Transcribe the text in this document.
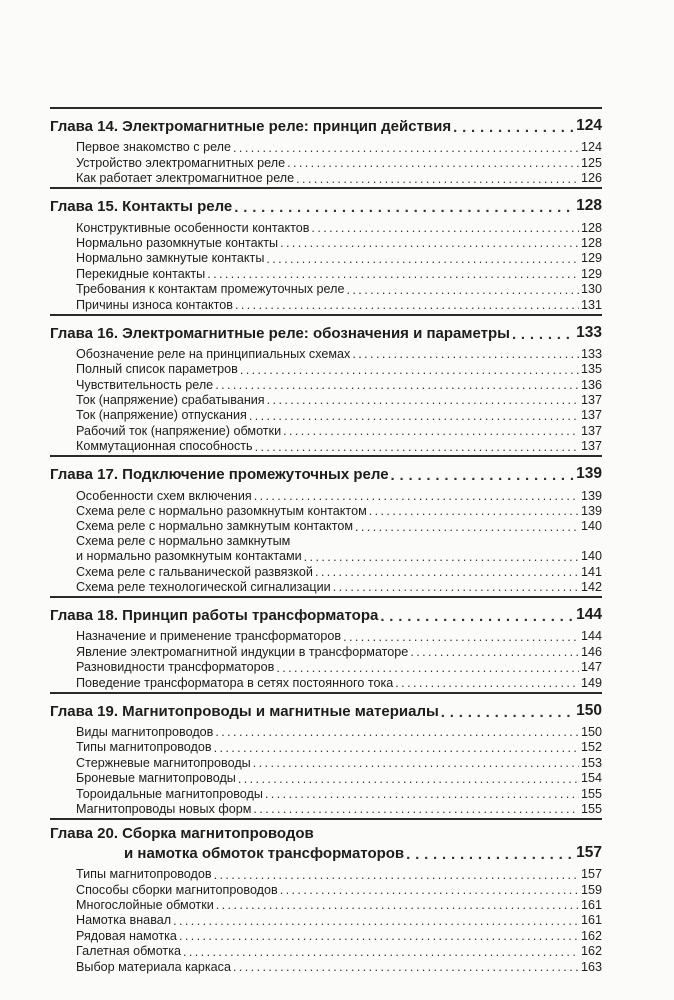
Глава 14. Электромагнитные реле: принцип действия .....	124
Первое знакомство с реле .....	124
Устройство электромагнитных реле .....	125
Как работает электромагнитное реле .....	126
Глава 15. Контакты реле .....	128
Конструктивные особенности контактов .....	128
Нормально разомкнутые контакты .....	128
Нормально замкнутые контакты .....	129
Перекидные контакты .....	129
Требования к контактам промежуточных реле .....	130
Причины износа контактов .....	131
Глава 16. Электромагнитные реле: обозначения и параметры .....	133
Обозначение реле на принципиальных схемах .....	133
Полный список параметров .....	135
Чувствительность реле .....	136
Ток (напряжение) срабатывания .....	137
Ток (напряжение) отпускания .....	137
Рабочий ток (напряжение) обмотки .....	137
Коммутационная способность .....	137
Глава 17. Подключение промежуточных реле .....	139
Особенности схем включения .....	139
Схема реле с нормально разомкнутым контактом .....	139
Схема реле с нормально замкнутым контактом .....	140
Схема реле с нормально замкнутым
и нормально разомкнутым контактами .....	140
Схема реле с гальванической развязкой .....	141
Схема реле технологической сигнализации .....	142
Глава 18. Принцип работы трансформатора .....	144
Назначение и применение трансформаторов .....	144
Явление электромагнитной индукции в трансформаторе .....	146
Разновидности трансформаторов .....	147
Поведение трансформатора в сетях постоянного тока .....	149
Глава 19. Магнитопроводы и магнитные материалы .....	150
Виды магнитопроводов .....	150
Типы магнитопроводов .....	152
Стержневые магнитопроводы .....	153
Броневые магнитопроводы .....	154
Тороидальные магнитопроводы .....	155
Магнитопроводы новых форм .....	155
Глава 20. Сборка магнитопроводов
и намотка обмоток трансформаторов .....	157
Типы магнитопроводов .....	157
Способы сборки магнитопроводов .....	159
Многослойные обмотки .....	161
Намотка внавал .....	161
Рядовая намотка .....	162
Галетная обмотка .....	162
Выбор материала каркаса .....	163
